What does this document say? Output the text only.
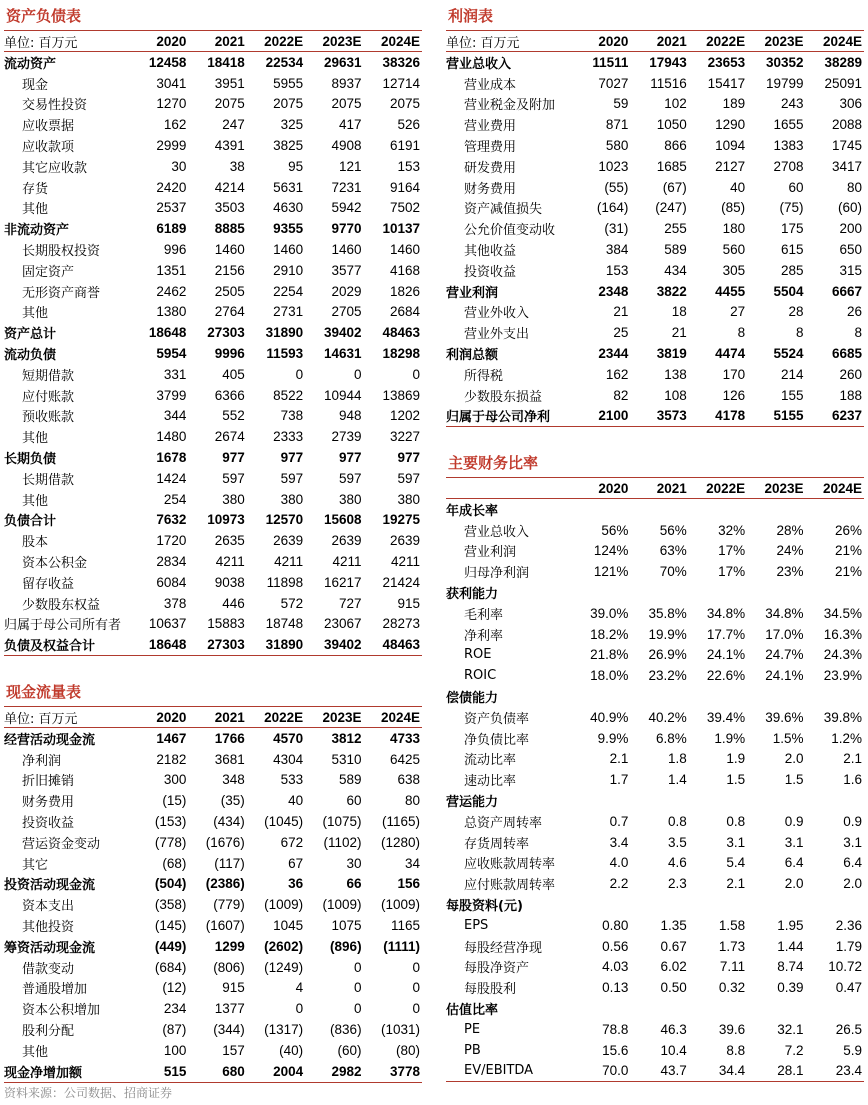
资产负债表
单位: 百万元	2020	2021	2022E	2023E	2024E
流动资产	12458	18418	22534	29631	38326
现金	3041	3951	5955	8937	12714
交易性投资	1270	2075	2075	2075	2075
应收票据	162	247	325	417	526
应收款项	2999	4391	3825	4908	6191
其它应收款	30	38	95	121	153
存货	2420	4214	5631	7231	9164
其他	2537	3503	4630	5942	7502
非流动资产	6189	8885	9355	9770	10137
长期股权投资	996	1460	1460	1460	1460
固定资产	1351	2156	2910	3577	4168
无形资产商誉	2462	2505	2254	2029	1826
其他	1380	2764	2731	2705	2684
资产总计	18648	27303	31890	39402	48463
流动负债	5954	9996	11593	14631	18298
短期借款	331	405	0	0	0
应付账款	3799	6366	8522	10944	13869
预收账款	344	552	738	948	1202
其他	1480	2674	2333	2739	3227
长期负债	1678	977	977	977	977
长期借款	1424	597	597	597	597
其他	254	380	380	380	380
负债合计	7632	10973	12570	15608	19275
股本	1720	2635	2639	2639	2639
资本公积金	2834	4211	4211	4211	4211
留存收益	6084	9038	11898	16217	21424
少数股东权益	378	446	572	727	915
归属于母公司所有者	10637	15883	18748	23067	28273
负债及权益合计	18648	27303	31890	39402	48463
现金流量表
单位: 百万元	2020	2021	2022E	2023E	2024E
经营活动现金流	1467	1766	4570	3812	4733
净利润	2182	3681	4304	5310	6425
折旧摊销	300	348	533	589	638
财务费用	(15)	(35)	40	60	80
投资收益	(153)	(434)	(1045)	(1075)	(1165)
营运资金变动	(778)	(1676)	672	(1102)	(1280)
其它	(68)	(117)	67	30	34
投资活动现金流	(504)	(2386)	36	66	156
资本支出	(358)	(779)	(1009)	(1009)	(1009)
其他投资	(145)	(1607)	1045	1075	1165
筹资活动现金流	(449)	1299	(2602)	(896)	(1111)
借款变动	(684)	(806)	(1249)	0	0
普通股增加	(12)	915	4	0	0
资本公积增加	234	1377	0	0	0
股利分配	(87)	(344)	(1317)	(836)	(1031)
其他	100	157	(40)	(60)	(80)
现金净增加额	515	680	2004	2982	3778
利润表
单位: 百万元	2020	2021	2022E	2023E	2024E
营业总收入	11511	17943	23653	30352	38289
营业成本	7027	11516	15417	19799	25091
营业税金及附加	59	102	189	243	306
营业费用	871	1050	1290	1655	2088
管理费用	580	866	1094	1383	1745
研发费用	1023	1685	2127	2708	3417
财务费用	(55)	(67)	40	60	80
资产减值损失	(164)	(247)	(85)	(75)	(60)
公允价值变动收	(31)	255	180	175	200
其他收益	384	589	560	615	650
投资收益	153	434	305	285	315
营业利润	2348	3822	4455	5504	6667
营业外收入	21	18	27	28	26
营业外支出	25	21	8	8	8
利润总额	2344	3819	4474	5524	6685
所得税	162	138	170	214	260
少数股东损益	82	108	126	155	188
归属于母公司净利	2100	3573	4178	5155	6237
主要财务比率
	2020	2021	2022E	2023E	2024E
年成长率					
营业总收入	56%	56%	32%	28%	26%
营业利润	124%	63%	17%	24%	21%
归母净利润	121%	70%	17%	23%	21%
获利能力					
毛利率	39.0%	35.8%	34.8%	34.8%	34.5%
净利率	18.2%	19.9%	17.7%	17.0%	16.3%
ROE	21.8%	26.9%	24.1%	24.7%	24.3%
ROIC	18.0%	23.2%	22.6%	24.1%	23.9%
偿债能力					
资产负债率	40.9%	40.2%	39.4%	39.6%	39.8%
净负债比率	9.9%	6.8%	1.9%	1.5%	1.2%
流动比率	2.1	1.8	1.9	2.0	2.1
速动比率	1.7	1.4	1.5	1.5	1.6
营运能力					
总资产周转率	0.7	0.8	0.8	0.9	0.9
存货周转率	3.4	3.5	3.1	3.1	3.1
应收账款周转率	4.0	4.6	5.4	6.4	6.4
应付账款周转率	2.2	2.3	2.1	2.0	2.0
每股资料(元)					
EPS	0.80	1.35	1.58	1.95	2.36
每股经营净现	0.56	0.67	1.73	1.44	1.79
每股净资产	4.03	6.02	7.11	8.74	10.72
每股股利	0.13	0.50	0.32	0.39	0.47
估值比率					
PE	78.8	46.3	39.6	32.1	26.5
PB	15.6	10.4	8.8	7.2	5.9
EV/EBITDA	70.0	43.7	34.4	28.1	23.4
资料来源：公司数据、招商证券
